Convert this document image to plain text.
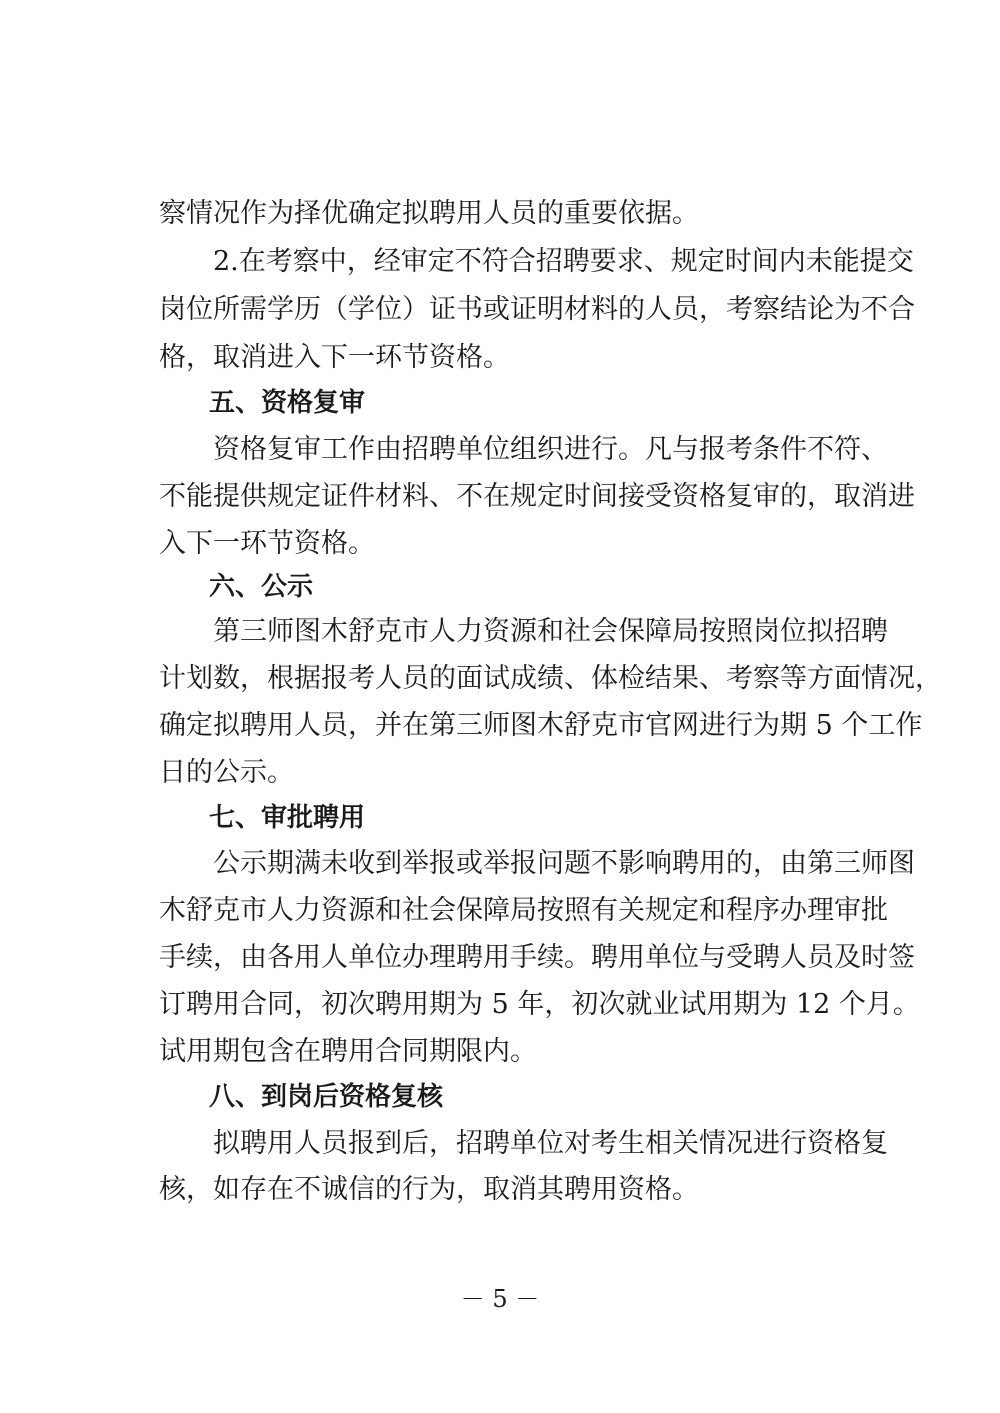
察情况作为择优确定拟聘用人员的重要依据。
2.在考察中，经审定不符合招聘要求、规定时间内未能提交
岗位所需学历（学位）证书或证明材料的人员，考察结论为不合
格，取消进入下一环节资格。
五、资格复审
资格复审工作由招聘单位组织进行。凡与报考条件不符、
不能提供规定证件材料、不在规定时间接受资格复审的，取消进
入下一环节资格。
六、公示
第三师图木舒克市人力资源和社会保障局按照岗位拟招聘
计划数，根据报考人员的面试成绩、体检结果、考察等方面情况，
确定拟聘用人员，并在第三师图木舒克市官网进行为期 5 个工作
日的公示。
七、审批聘用
公示期满未收到举报或举报问题不影响聘用的，由第三师图
木舒克市人力资源和社会保障局按照有关规定和程序办理审批
手续，由各用人单位办理聘用手续。聘用单位与受聘人员及时签
订聘用合同，初次聘用期为 5 年，初次就业试用期为 12 个月。
试用期包含在聘用合同期限内。
八、到岗后资格复核
拟聘用人员报到后，招聘单位对考生相关情况进行资格复
核，如存在不诚信的行为，取消其聘用资格。
－ 5 －
